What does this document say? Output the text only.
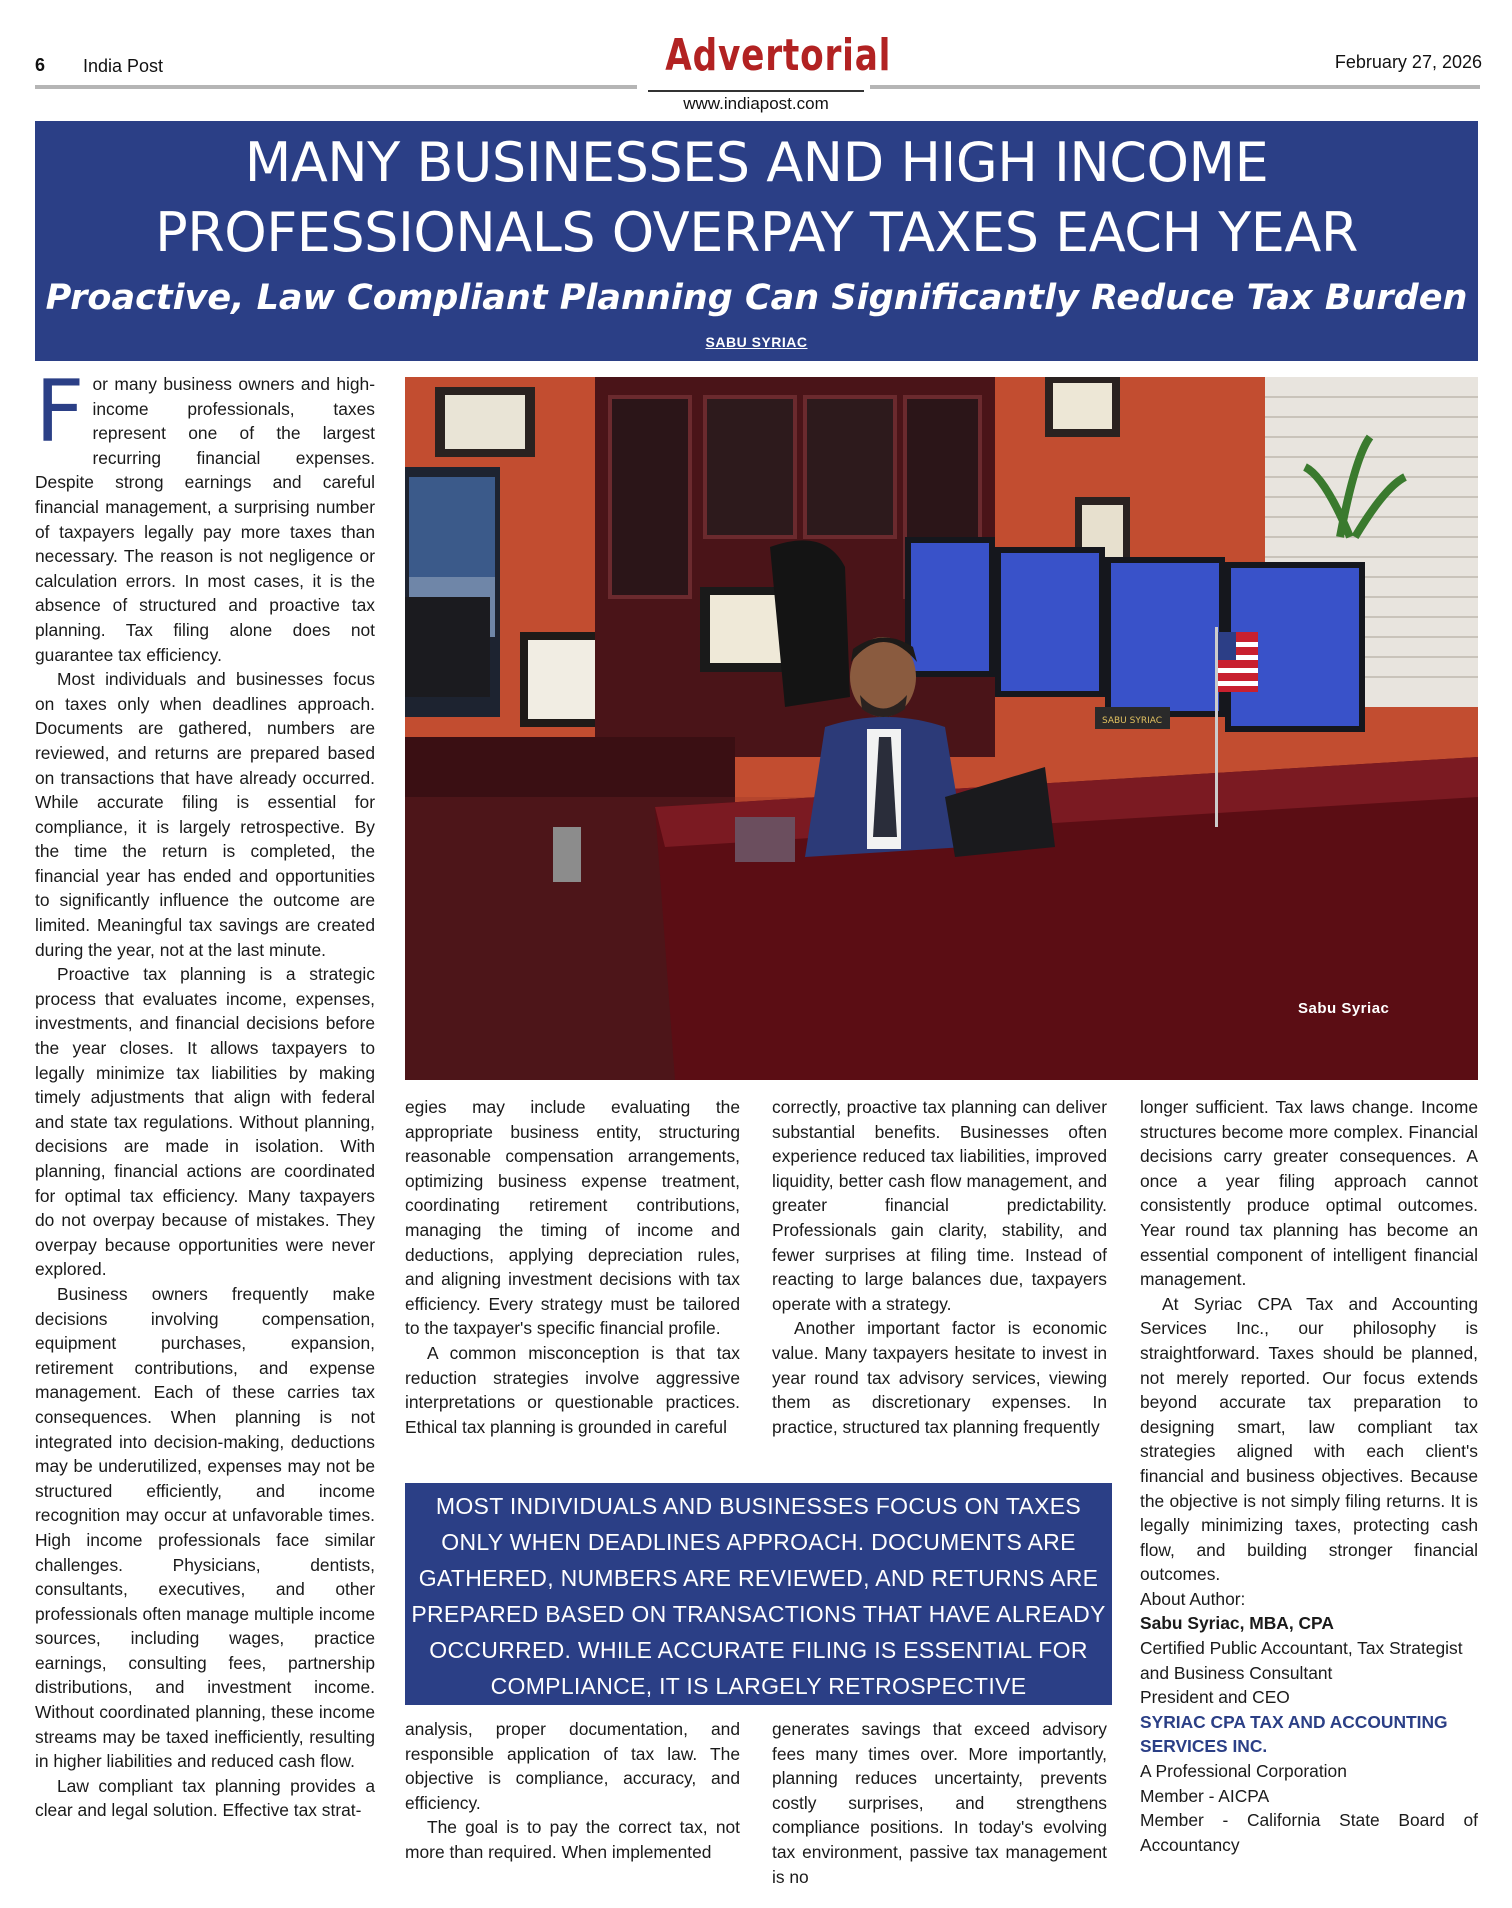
6 India Post	Advertorial
www.indiapost.com
February 27, 2026
MANY BUSINESSES AND HIGH INCOME
PROFESSIONALS OVERPAY TAXES EACH YEAR
Proactive, Law Compliant Planning Can Significantly Reduce Tax Burden
SABU SYRIAC

For many business owners and high-income professionals, taxes represent one of the largest recurring financial expenses. Despite strong earnings and careful financial management, a surprising number of taxpayers legally pay more taxes than necessary. The reason is not negligence or calculation errors. In most cases, it is the absence of structured and proactive tax planning. Tax filing alone does not guarantee tax efficiency.

Most individuals and businesses focus on taxes only when deadlines approach. Documents are gathered, numbers are reviewed, and returns are prepared based on transactions that have already occurred. While accurate filing is essential for compliance, it is largely retrospective. By the time the return is completed, the financial year has ended and opportunities to significantly influence the outcome are limited. Meaningful tax savings are created during the year, not at the last minute.

Proactive tax planning is a strategic process that evaluates income, expenses, investments, and financial decisions before the year closes. It allows taxpayers to legally minimize tax liabilities by making timely adjustments that align with federal and state tax regulations. Without planning, decisions are made in isolation. With planning, financial actions are coordinated for optimal tax efficiency. Many taxpayers do not overpay because of mistakes. They overpay because opportunities were never explored.

Business owners frequently make decisions involving compensation, equipment purchases, expansion, retirement contributions, and expense management. Each of these carries tax consequences. When planning is not integrated into decision-making, deductions may be underutilized, expenses may not be structured efficiently, and income recognition may occur at unfavorable times. High income professionals face similar challenges. Physicians, dentists, consultants, executives, and other professionals often manage multiple income sources, including wages, practice earnings, consulting fees, partnership distributions, and investment income. Without coordinated planning, these income streams may be taxed inefficiently, resulting in higher liabilities and reduced cash flow.

Law compliant tax planning provides a clear and legal solution. Effective tax strat-

SABU SYRIAC
Sabu Syriac

egies may include evaluating the appropriate business entity, structuring reasonable compensation arrangements, optimizing business expense treatment, coordinating retirement contributions, managing the timing of income and deductions, applying depreciation rules, and aligning investment decisions with tax efficiency. Every strategy must be tailored to the taxpayer's specific financial profile.

A common misconception is that tax reduction strategies involve aggressive interpretations or questionable practices. Ethical tax planning is grounded in careful

analysis, proper documentation, and responsible application of tax law. The objective is compliance, accuracy, and efficiency.

The goal is to pay the correct tax, not more than required. When implemented

correctly, proactive tax planning can deliver substantial benefits. Businesses often experience reduced tax liabilities, improved liquidity, better cash flow management, and greater financial predictability. Professionals gain clarity, stability, and fewer surprises at filing time. Instead of reacting to large balances due, taxpayers operate with a strategy.

Another important factor is economic value. Many taxpayers hesitate to invest in year round tax advisory services, viewing them as discretionary expenses. In practice, structured tax planning frequently

generates savings that exceed advisory fees many times over. More importantly, planning reduces uncertainty, prevents costly surprises, and strengthens compliance positions. In today's evolving tax environment, passive tax management is no

MOST INDIVIDUALS AND BUSINESSES FOCUS ON TAXES ONLY WHEN DEADLINES APPROACH. DOCUMENTS ARE GATHERED, NUMBERS ARE REVIEWED, AND RETURNS ARE PREPARED BASED ON TRANSACTIONS THAT HAVE ALREADY OCCURRED. WHILE ACCURATE FILING IS ESSENTIAL FOR COMPLIANCE, IT IS LARGELY RETROSPECTIVE

longer sufficient. Tax laws change. Income structures become more complex. Financial decisions carry greater consequences. A once a year filing approach cannot consistently produce optimal outcomes. Year round tax planning has become an essential component of intelligent financial management.

At Syriac CPA Tax and Accounting Services Inc., our philosophy is straightforward. Taxes should be planned, not merely reported. Our focus extends beyond accurate tax preparation to designing smart, law compliant tax strategies aligned with each client's financial and business objectives. Because the objective is not simply filing returns. It is legally minimizing taxes, protecting cash flow, and building stronger financial outcomes.

About Author:

Sabu Syriac, MBA, CPA

Certified Public Accountant, Tax Strategist and Business Consultant

President and CEO

SYRIAC CPA TAX AND ACCOUNTING SERVICES INC.

A Professional Corporation

Member - AICPA

Member - California State Board of Accountancy
